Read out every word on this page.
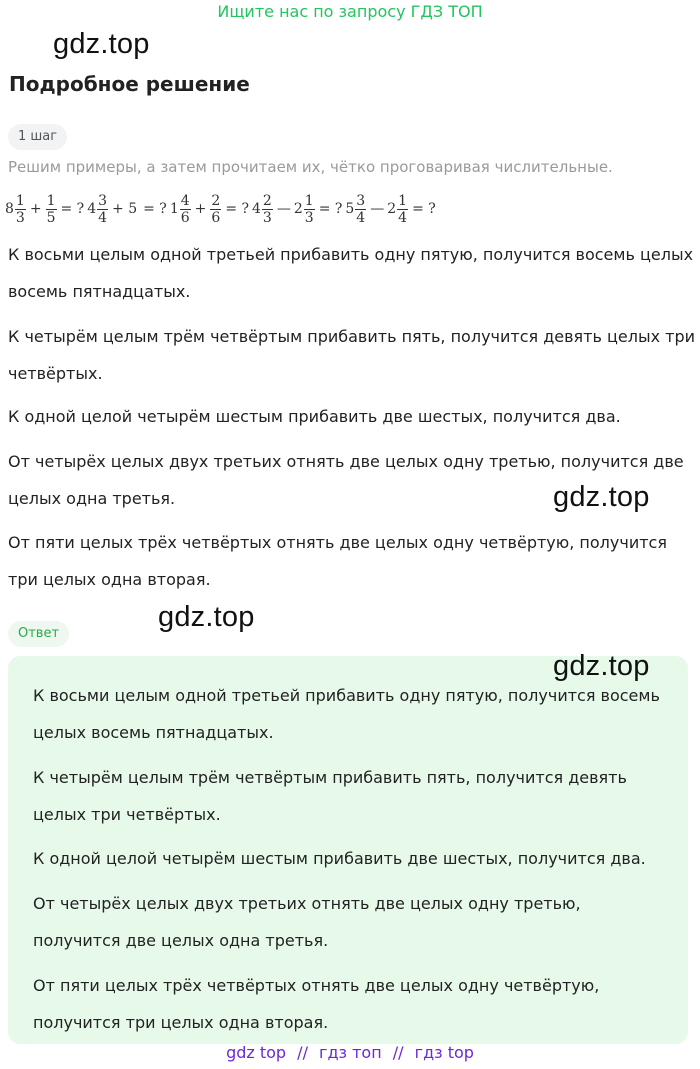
Ищите нас по запросу ГДЗ ТОП
gdz.top
Подробное решение
1 шаг
Решим примеры, а затем прочитаем их, чётко проговаривая числительные.
$8 \frac{1}{3} + \frac{1}{5}$ = ? $4 \frac{3}{4} + 5$ = ? $1 \frac{4}{6} + \frac{2}{6}$ = ? $4 \frac{2}{3}$ — $2 \frac{1}{3}$ = ? $5 \frac{3}{4}$ — $2 \frac{1}{4}$ = ?
К восьми целым одной третьей прибавить одну пятую, получится восемь целых восемь пятнадцатых.
К четырём целым трём четвёртым прибавить пять, получится девять целых три четвёртых.
К одной целой четырём шестым прибавить две шестых, получится два.
От четырёх целых двух третьих отнять две целых одну третью, получится две целых одна третья.
От пяти целых трёх четвёртых отнять две целых одну четвёртую, получится три целых одна вторая.
gdz.top
Ответ
gdz.top
gdz.top
К восьми целым одной третьей прибавить одну пятую, получится восемь целых восемь пятнадцатых.
К четырём целым трём четвёртым прибавить пять, получится девять целых три четвёртых.
К одной целой четырём шестым прибавить две шестых, получится два.
От четырёх целых двух третьих отнять две целых одну третью, получится две целых одна третья.
От пяти целых трёх четвёртых отнять две целых одну четвёртую, получится три целых одна вторая.
gdz top // гдз топ // гдз top
